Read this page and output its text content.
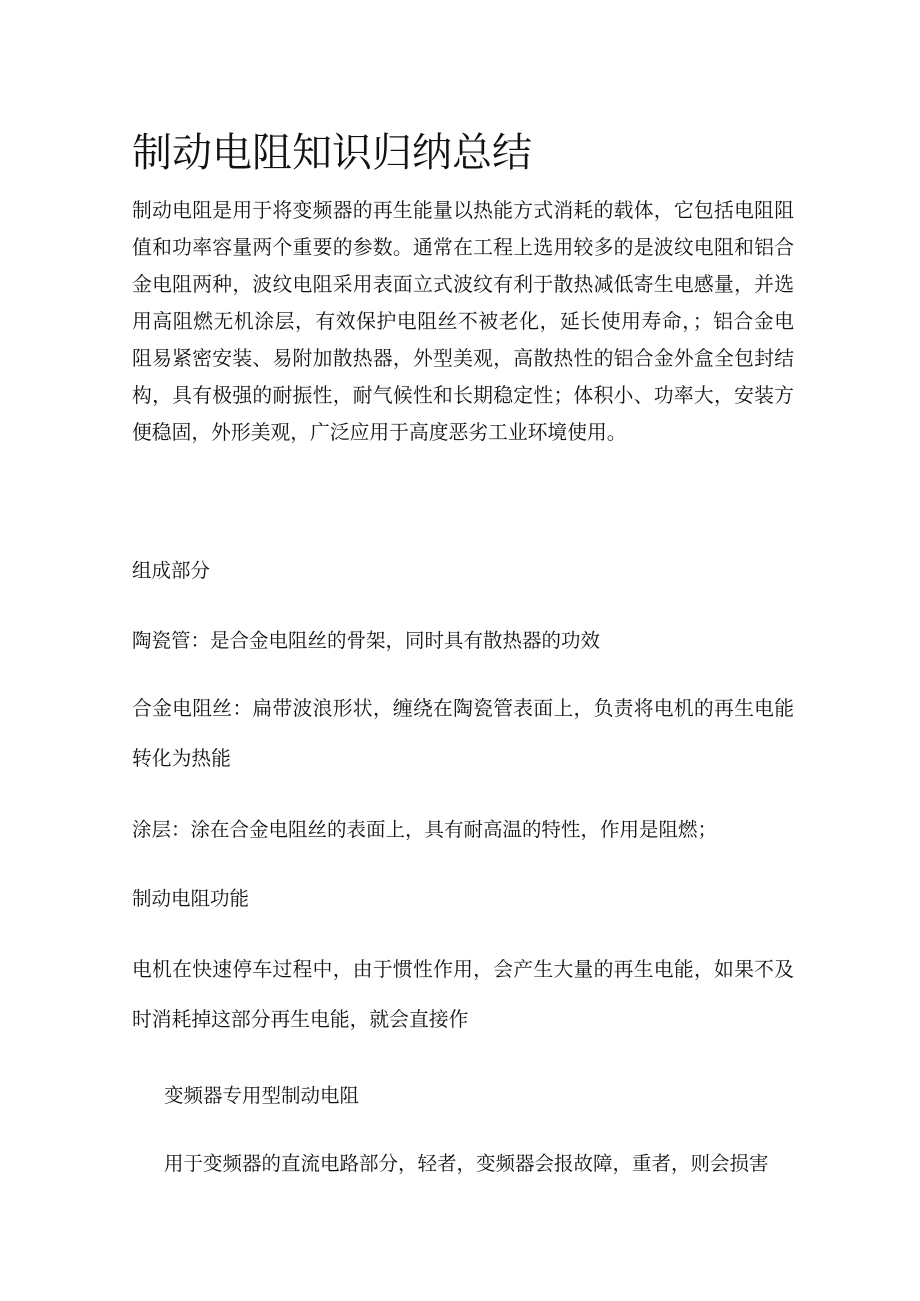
制动电阻知识归纳总结

制动电阻是用于将变频器的再生能量以热能方式消耗的载体，它包括电阻阻值和功率容量两个重要的参数。通常在工程上选用较多的是波纹电阻和铝合金电阻两种，波纹电阻采用表面立式波纹有利于散热减低寄生电感量，并选用高阻燃无机涂层，有效保护电阻丝不被老化，延长使用寿命，；铝合金电阻易紧密安装、易附加散热器，外型美观，高散热性的铝合金外盒全包封结构，具有极强的耐振性，耐气候性和长期稳定性；体积小、功率大，安装方便稳固，外形美观，广泛应用于高度恶劣工业环境使用。

组成部分

陶瓷管：是合金电阻丝的骨架，同时具有散热器的功效

合金电阻丝：扁带波浪形状，缠绕在陶瓷管表面上，负责将电机的再生电能转化为热能

涂层：涂在合金电阻丝的表面上，具有耐高温的特性，作用是阻燃；

制动电阻功能

电机在快速停车过程中，由于惯性作用，会产生大量的再生电能，如果不及时消耗掉这部分再生电能，就会直接作

变频器专用型制动电阻

用于变频器的直流电路部分，轻者，变频器会报故障，重者，则会损害
